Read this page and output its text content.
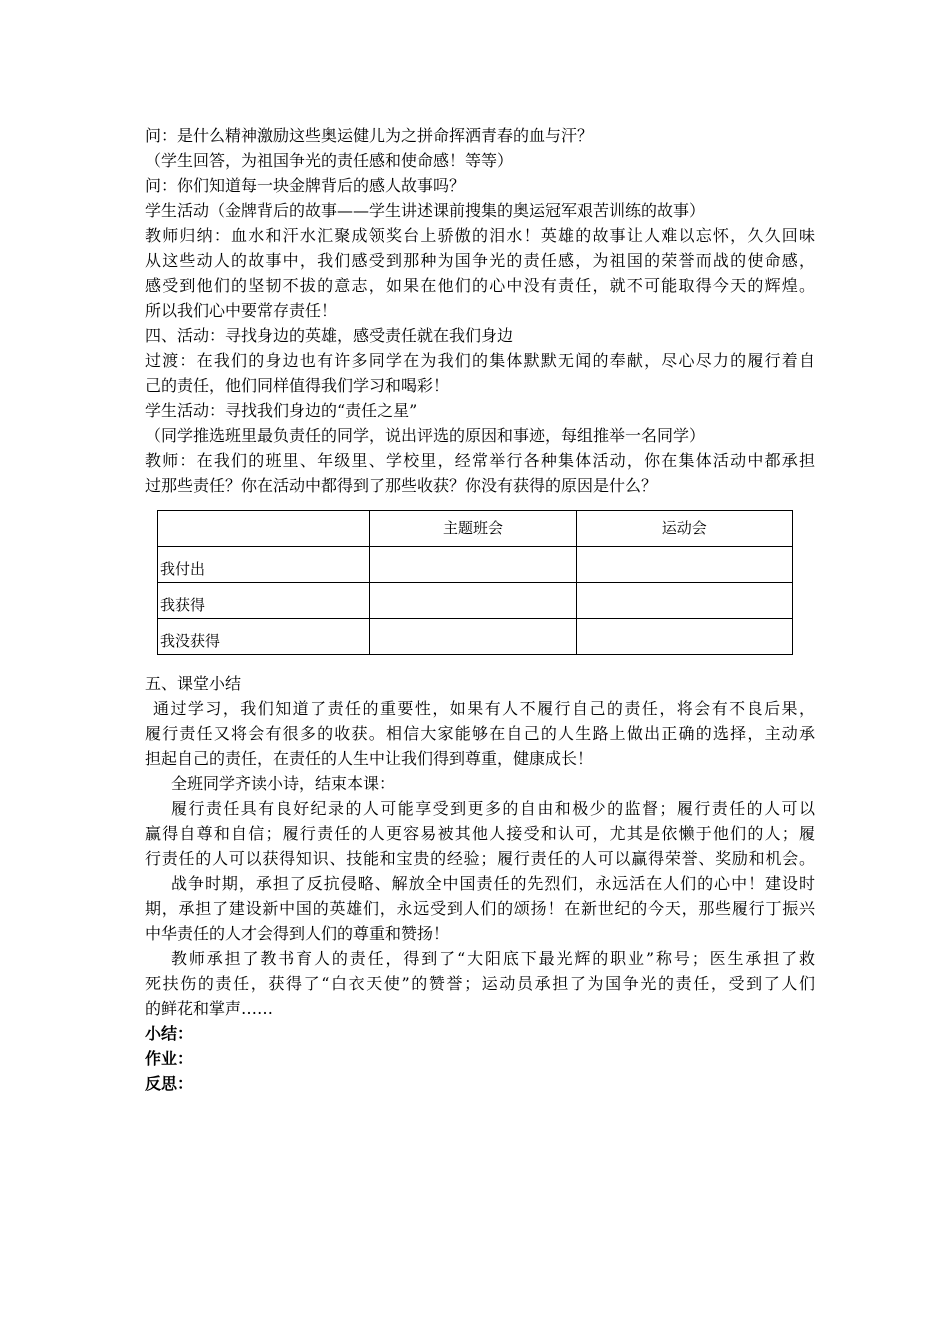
问：是什么精神激励这些奥运健儿为之拼命挥洒青春的血与汗？
（学生回答，为祖国争光的责任感和使命感！等等）
问：你们知道每一块金牌背后的感人故事吗？
学生活动（金牌背后的故事——学生讲述课前搜集的奥运冠军艰苦训练的故事）
教师归纳：血水和汗水汇聚成领奖台上骄傲的泪水！英雄的故事让人难以忘怀，久久回味
从这些动人的故事中，我们感受到那种为国争光的责任感，为祖国的荣誉而战的使命感，
感受到他们的坚韧不拔的意志，如果在他们的心中没有责任，就不可能取得今天的辉煌。
所以我们心中要常存责任！
四、活动：寻找身边的英雄，感受责任就在我们身边
过渡：在我们的身边也有许多同学在为我们的集体默默无闻的奉献，尽心尽力的履行着自
己的责任，他们同样值得我们学习和喝彩！
学生活动：寻找我们身边的“责任之星”
（同学推选班里最负责任的同学，说出评选的原因和事迹，每组推举一名同学）
教师：在我们的班里、年级里、学校里，经常举行各种集体活动，你在集体活动中都承担
过那些责任？你在活动中都得到了那些收获？你没有获得的原因是什么？
	主题班会	运动会
我付出		
我获得		
我没获得		
五、课堂小结
通过学习，我们知道了责任的重要性，如果有人不履行自己的责任，将会有不良后果，
履行责任又将会有很多的收获。相信大家能够在自己的人生路上做出正确的选择，主动承
担起自己的责任，在责任的人生中让我们得到尊重，健康成长！
全班同学齐读小诗，结束本课：
履行责任具有良好纪录的人可能享受到更多的自由和极少的监督；履行责任的人可以
赢得自尊和自信；履行责任的人更容易被其他人接受和认可，尤其是依懒于他们的人；履
行责任的人可以获得知识、技能和宝贵的经验；履行责任的人可以赢得荣誉、奖励和机会。
战争时期，承担了反抗侵略、解放全中国责任的先烈们，永远活在人们的心中！建设时
期，承担了建设新中国的英雄们，永远受到人们的颂扬！在新世纪的今天，那些履行丁振兴
中华责任的人才会得到人们的尊重和赞扬！
教师承担了教书育人的责任，得到了“大阳底下最光辉的职业”称号；医生承担了救
死扶伤的责任，获得了“白衣天使”的赞誉；运动员承担了为国争光的责任，受到了人们
的鲜花和掌声……
小结：
作业：
反思：
